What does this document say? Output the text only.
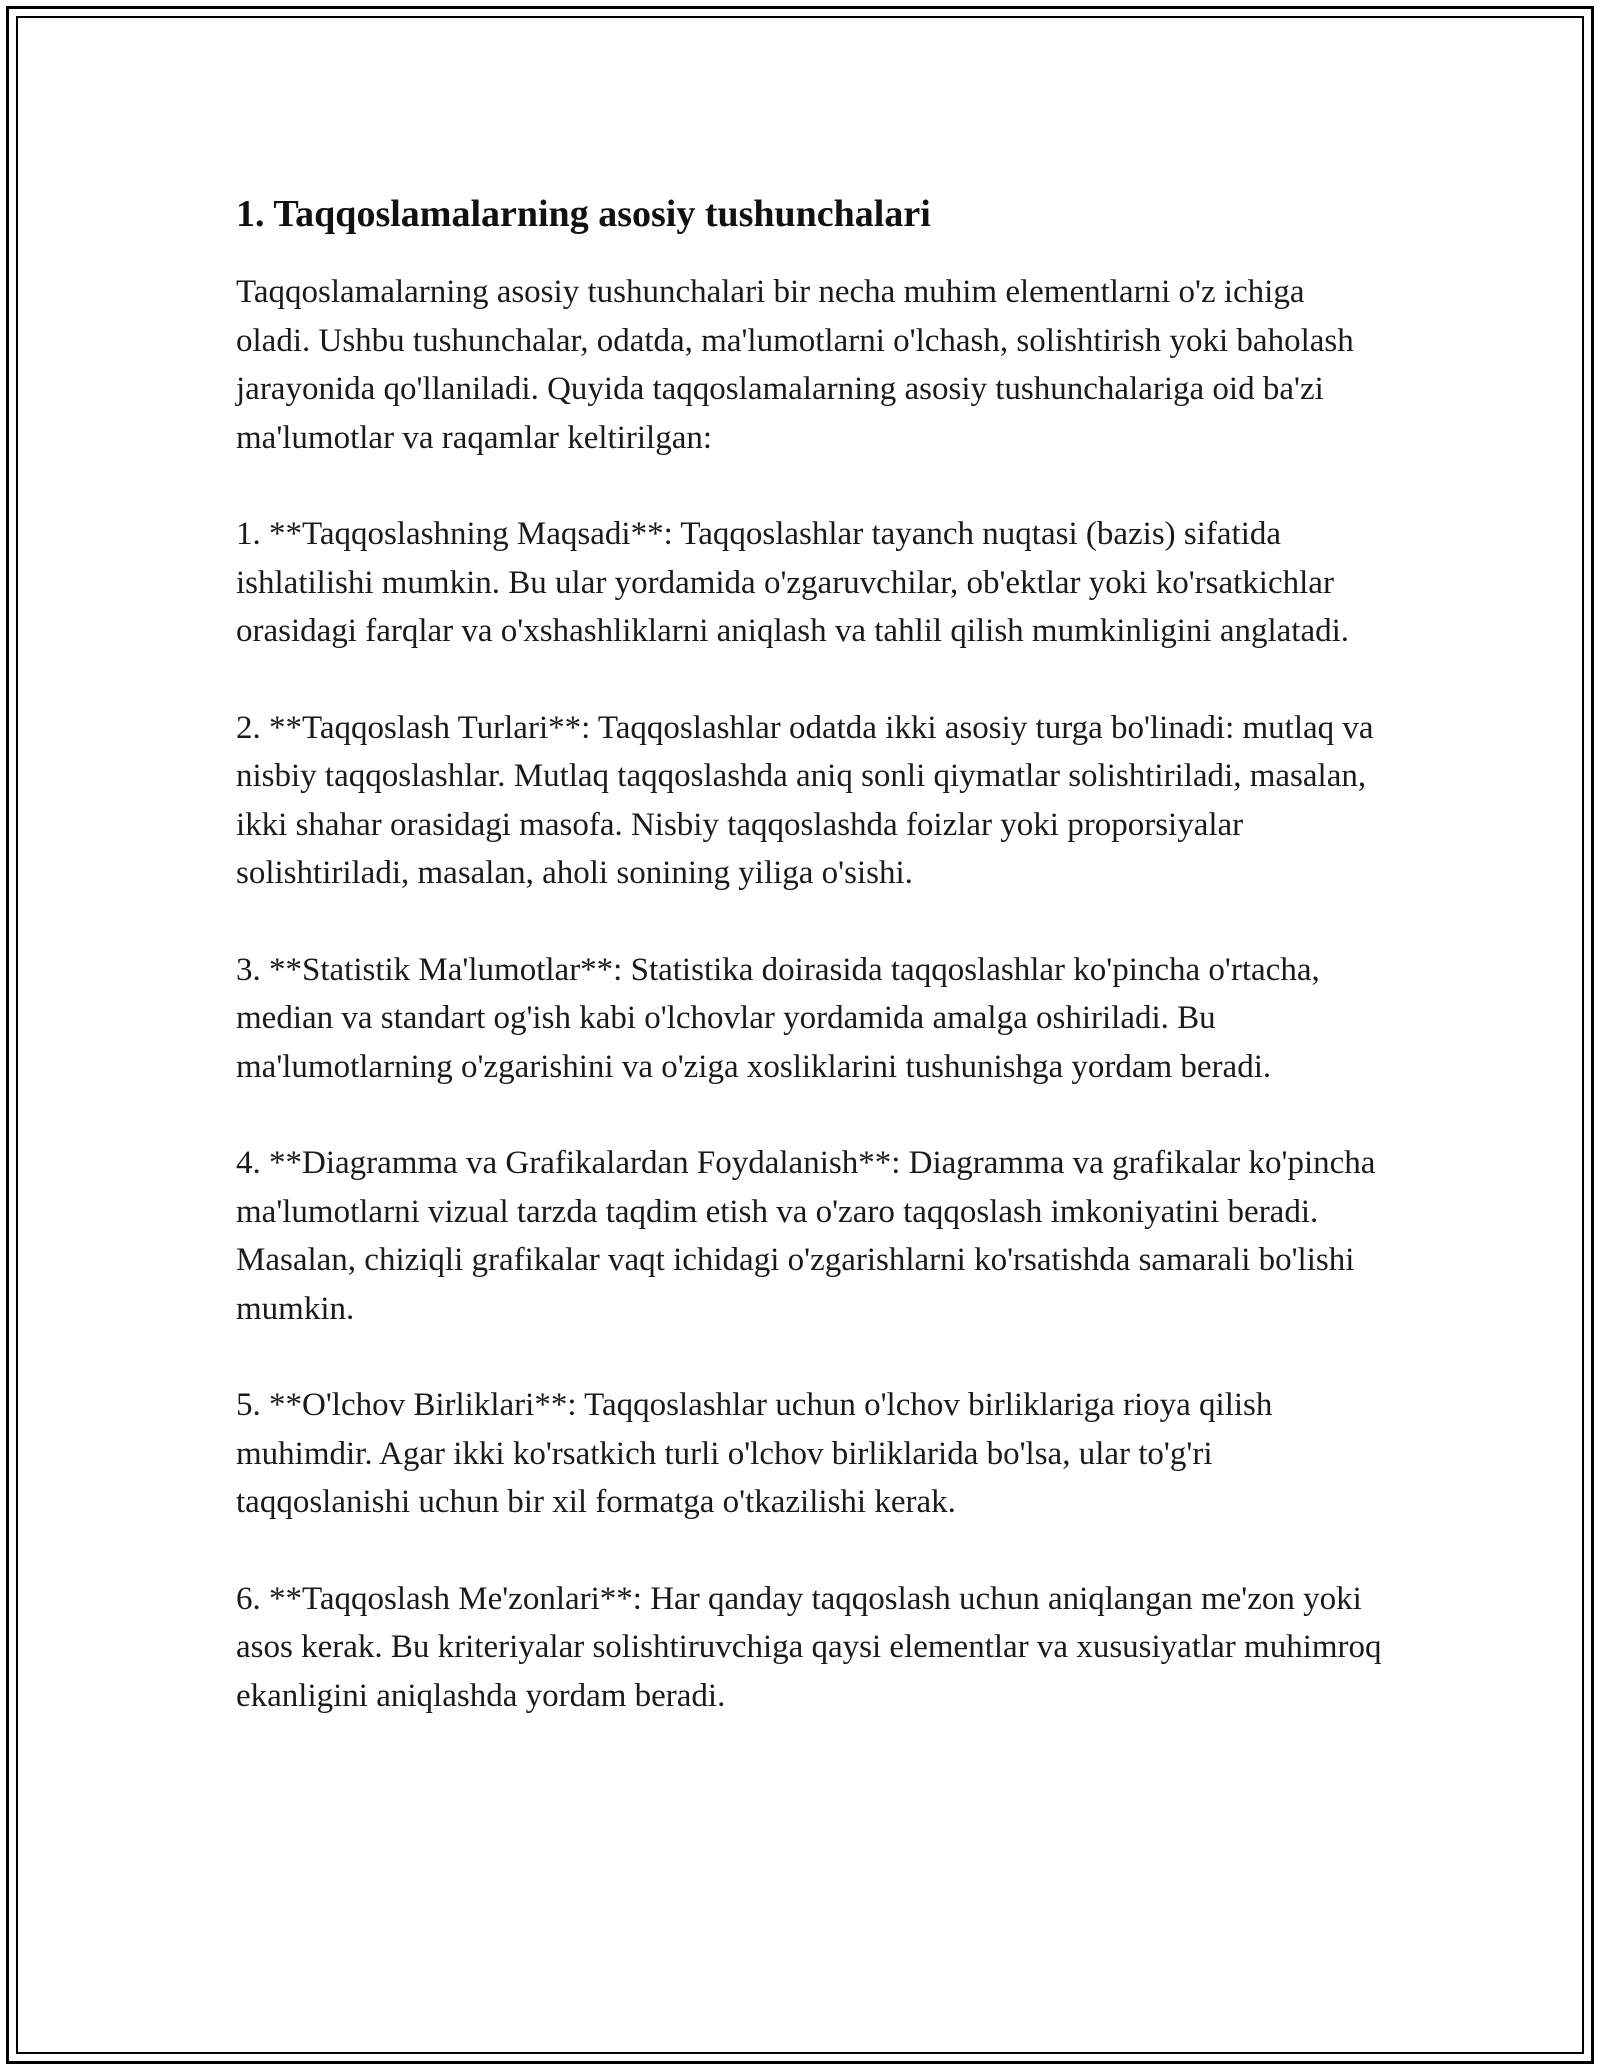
1. Taqqoslamalarning asosiy tushunchalari

Taqqoslamalarning asosiy tushunchalari bir necha muhim elementlarni o'z ichiga oladi. Ushbu tushunchalar, odatda, ma'lumotlarni o'lchash, solishtirish yoki baholash jarayonida qo'llaniladi. Quyida taqqoslamalarning asosiy tushunchalariga oid ba'zi ma'lumotlar va raqamlar keltirilgan:

1. **Taqqoslashning Maqsadi**: Taqqoslashlar tayanch nuqtasi (bazis) sifatida ishlatilishi mumkin. Bu ular yordamida o'zgaruvchilar, ob'ektlar yoki ko'rsatkichlar orasidagi farqlar va o'xshashliklarni aniqlash va tahlil qilish mumkinligini anglatadi.

2. **Taqqoslash Turlari**: Taqqoslashlar odatda ikki asosiy turga bo'linadi: mutlaq va nisbiy taqqoslashlar. Mutlaq taqqoslashda aniq sonli qiymatlar solishtiriladi, masalan, ikki shahar orasidagi masofa. Nisbiy taqqoslashda foizlar yoki proporsiyalar solishtiriladi, masalan, aholi sonining yiliga o'sishi.

3. **Statistik Ma'lumotlar**: Statistika doirasida taqqoslashlar ko'pincha o'rtacha, median va standart og'ish kabi o'lchovlar yordamida amalga oshiriladi. Bu ma'lumotlarning o'zgarishini va o'ziga xosliklarini tushunishga yordam beradi.

4. **Diagramma va Grafikalardan Foydalanish**: Diagramma va grafikalar ko'pincha ma'lumotlarni vizual tarzda taqdim etish va o'zaro taqqoslash imkoniyatini beradi. Masalan, chiziqli grafikalar vaqt ichidagi o'zgarishlarni ko'rsatishda samarali bo'lishi mumkin.

5. **O'lchov Birliklari**: Taqqoslashlar uchun o'lchov birliklariga rioya qilish muhimdir. Agar ikki ko'rsatkich turli o'lchov birliklarida bo'lsa, ular to'g'ri taqqoslanishi uchun bir xil formatga o'tkazilishi kerak.

6. **Taqqoslash Me'zonlari**: Har qanday taqqoslash uchun aniqlangan me'zon yoki asos kerak. Bu kriteriyalar solishtiruvchiga qaysi elementlar va xususiyatlar muhimroq ekanligini aniqlashda yordam beradi.
